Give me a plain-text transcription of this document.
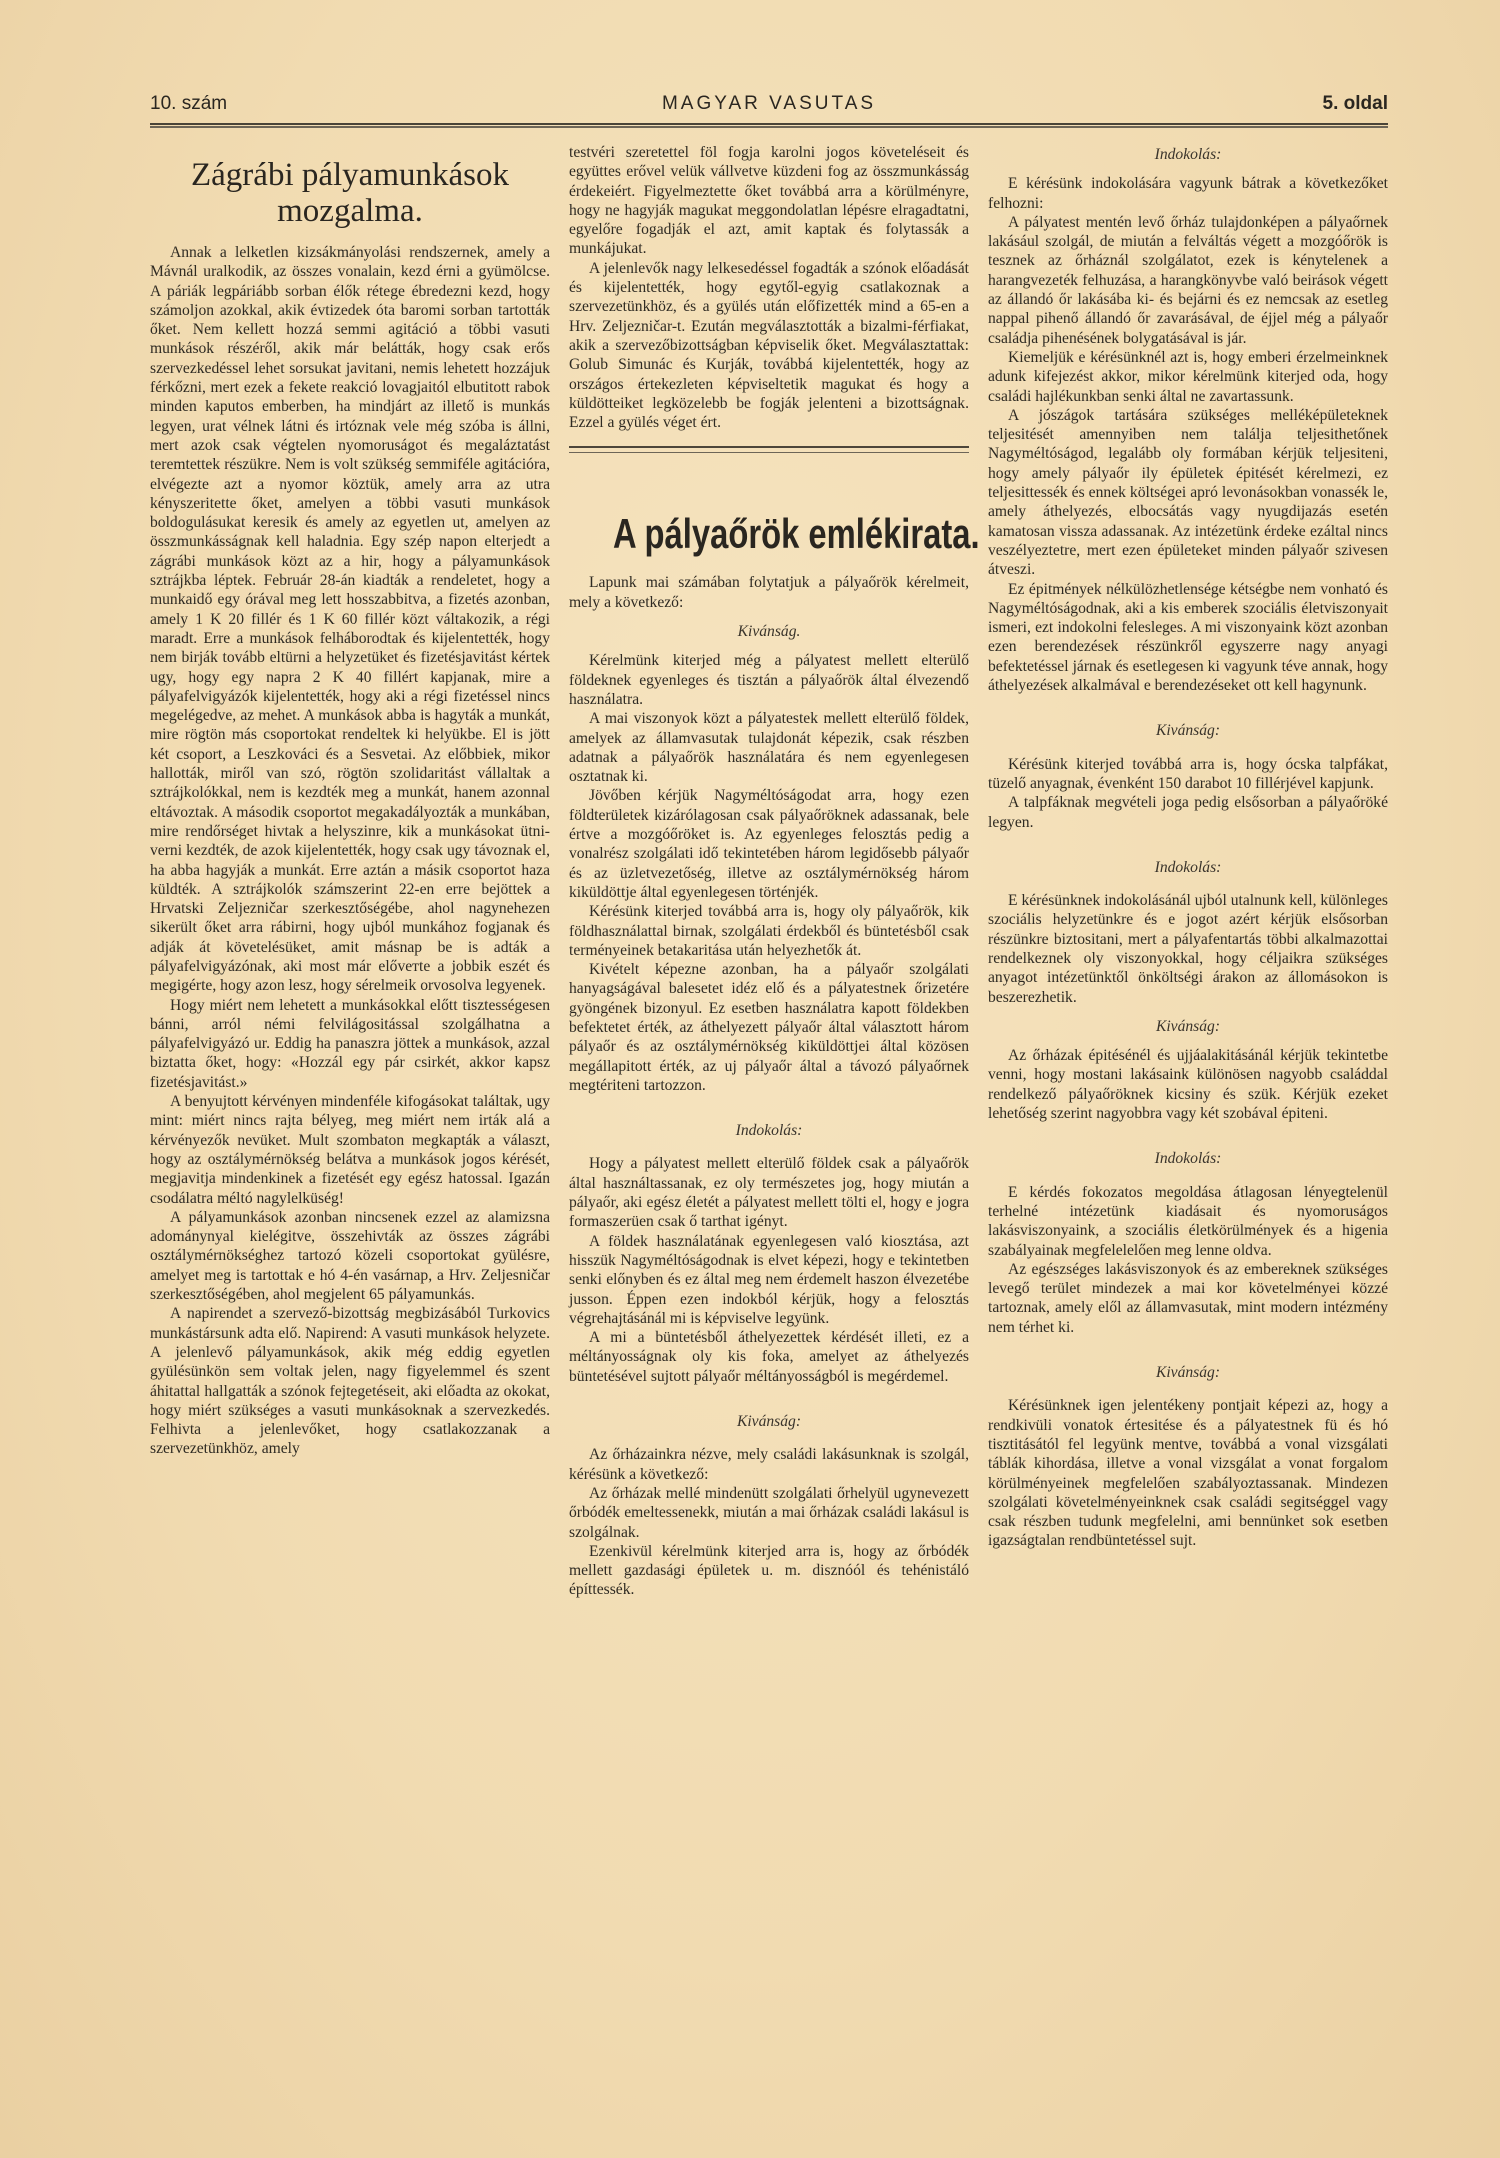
10. szám	MAGYAR VASUTAS	5. oldal
Zágrábi pályamunkások
mozgalma.

Annak a lelketlen kizsákmányolási rendszernek, amely a Mávnál uralkodik, az összes vonalain, kezd érni a gyümölcse. A páriák legpáriább sorban élők rétege ébredezni kezd, hogy számoljon azokkal, akik évtizedek óta baromi sorban tartották őket. Nem kellett hozzá semmi agitáció a többi vasuti munkások részéről, akik már belátták, hogy csak erős szervezkedéssel lehet sorsukat javitani, nemis lehetett hozzájuk férkőzni, mert ezek a fekete reakció lovagjaitól elbutitott rabok minden kaputos emberben, ha mindjárt az illető is munkás legyen, urat vélnek látni és irtóznak vele még szóba is állni, mert azok csak végtelen nyomoruságot és megaláztatást teremtettek részükre. Nem is volt szükség semmiféle agitációra, elvégezte azt a nyomor köztük, amely arra az utra kényszeritette őket, amelyen a többi vasuti munkások boldogulásukat keresik és amely az egyetlen ut, amelyen az összmunkásságnak kell haladnia. Egy szép napon elterjedt a zágrábi munkások közt az a hir, hogy a pályamunkások sztrájkba léptek. Február 28-án kiadták a rendeletet, hogy a munkaidő egy órával meg lett hosszabbitva, a fizetés azonban, amely 1 K 20 fillér és 1 K 60 fillér közt váltakozik, a régi maradt. Erre a munkások felháborodtak és kijelentették, hogy nem birják tovább eltürni a helyzetüket és fizetésjavitást kértek ugy, hogy egy napra 2 K 40 fillért kapjanak, mire a pályafelvigyázók kijelentették, hogy aki a régi fizetéssel nincs megelégedve, az mehet. A munkások abba is hagyták a munkát, mire rögtön más csoportokat rendeltek ki helyükbe. El is jött két csoport, a Leszkováci és a Sesvetai. Az előbbiek, mikor hallották, miről van szó, rögtön szolidaritást vállaltak a sztrájkolókkal, nem is kezdték meg a munkát, hanem azonnal eltávoztak. A második csoportot megakadályozták a munkában, mire rendőrséget hivtak a helyszinre, kik a munkásokat ütni-verni kezdték, de azok kijelentették, hogy csak ugy távoznak el, ha abba hagyják a munkát. Erre aztán a másik csoportot haza küldték. A sztrájkolók számszerint 22-en erre bejöttek a Hrvatski Zeljezničar szerkesztőségébe, ahol nagynehezen sikerült őket arra rábirni, hogy ujból munkához fogjanak és adják át követelésüket, amit másnap be is adták a pályafelvigyázónak, aki most már előveтte a jobbik eszét és megigérte, hogy azon lesz, hogy sérelmeik orvosolva legyenek.

Hogy miért nem lehetett a munkásokkal előtt tisztességesen bánni, arról némi felvilágositással szolgálhatna a pályafelvigyázó ur. Eddig ha panaszra jöttek a munkások, azzal biztatta őket, hogy: «Hozzál egy pár csirkét, akkor kapsz fizetésjavitást.»

A benyujtott kérvényen mindenféle kifogásokat találtak, ugy mint: miért nincs rajta bélyeg, meg miért nem irták alá a kérvényezők nevüket. Mult szombaton megkapták a választ, hogy az osztálymérnökség belátva a munkások jogos kérését, megjavitja mindenkinek a fizetését egy egész hatossal. Igazán csodálatra méltó nagylelküség!

A pályamunkások azonban nincsenek ezzel az alamizsna adománynyal kielégitve, összehivták az összes zágrábi osztálymérnökséghez tartozó közeli csoportokat gyülésre, amelyet meg is tartottak e hó 4-én vasárnap, a Hrv. Zeljesničar szerkesztőségében, ahol megjelent 65 pályamunkás.

A napirendet a szervező-bizottság megbizásából Turkovics munkástársunk adta elő. Napirend: A vasuti munkások helyzete. A jelenlevő pályamunkások, akik még eddig egyetlen gyülésünkön sem voltak jelen, nagy figyelemmel és szent áhitattal hallgatták a szónok fejtegetéseit, aki előadta az okokat, hogy miért szükséges a vasuti munkásoknak a szervezkedés. Felhivta a jelenlevőket, hogy csatlakozzanak a szervezetünkhöz, amely

testvéri szeretettel föl fogja karolni jogos követeléseit és együttes erővel velük vállvetve küzdeni fog az összmunkásság érdekeiért. Figyelmeztette őket továbbá arra a körülményre, hogy ne hagyják magukat meggondolatlan lépésre elragadtatni, egyelőre fogadják el azt, amit kaptak és folytassák a munkájukat.

A jelenlevők nagy lelkesedéssel fogadták a szónok előadását és kijelentették, hogy egytől-egyig csatlakoznak a szervezetünkhöz, és a gyülés után előfizették mind a 65-en a Hrv. Zeljezničar-t. Ezután megválasztották a bizalmi-férfiakat, akik a szervezőbizottságban képviselik őket. Megválasztattak: Golub Simunác és Kurják, továbbá kijelentették, hogy az országos értekezleten képviseltetik magukat és hogy a küldötteiket legközelebb be fogják jelenteni a bizottságnak. Ezzel a gyülés véget ért.

A pályaőrök emlékirata.

Lapunk mai számában folytatjuk a pályaőrök kérelmeit, mely a következő:

Kivánság.

Kérelmünk kiterjed még a pályatest mellett elterülő földeknek egyenleges és tisztán a pályaőrök által élvezendő használatra.

A mai viszonyok közt a pályatestek mellett elterülő földek, amelyek az államvasutak tulajdonát képezik, csak részben adatnak a pályaőrök használatára és nem egyenlegesen osztatnak ki.

Jövőben kérjük Nagyméltóságodat arra, hogy ezen földterületek kizárólagosan csak pályaőröknek adassanak, bele értve a mozgóőröket is. Az egyenleges felosztás pedig a vonalrész szolgálati idő tekintetében három legidősebb pályaőr és az üzletvezetőség, illetve az osztálymérnökség három kiküldöttje által egyenlegesen történjék.

Kérésünk kiterjed továbbá arra is, hogy oly pályaőrök, kik földhasználattal birnak, szolgálati érdekből és büntetésből csak terményeinek betakaritása után helyezhetők át.

Kivételt képezne azonban, ha a pályaőr szolgálati hanyagságával balesetet idéz elő és a pályatestnek őrizetére gyöngének bizonyul. Ez esetben használatra kapott földekben befektetet érték, az áthelyezett pályaőr által választott három pályaőr és az osztálymérnökség kiküldöttjei által közösen megállapitott érték, az uj pályaőr által a távozó pályaőrnek megtériteni tartozzon.

Indokolás:

Hogy a pályatest mellett elterülő földek csak a pályaőrök által használtassanak, ez oly természetes jog, hogy miután a pályaőr, aki egész életét a pályatest mellett tölti el, hogy e jogra formaszerüen csak ő tarthat igényt.

A földek használatának egyenlegesen való kiosztása, azt hisszük Nagyméltóságodnak is elvet képezi, hogy e tekintetben senki előnyben és ez által meg nem érdemelt haszon élvezetébe jusson. Éppen ezen indokból kérjük, hogy a felosztás végrehajtásánál mi is képviselve legyünk.

A mi a büntetésből áthelyezettek kérdését illeti, ez a méltányosságnak oly kis foka, amelyet az áthelyezés büntetésével sujtott pályaőr méltányosságból is megérdemel.

Kivánság:

Az őrházainkra nézve, mely családi lakásunknak is szolgál, kérésünk a következő:

Az őrházak mellé mindenütt szolgálati őrhelyül ugynevezett őrbódék emeltessenekk, miután a mai őrházak családi lakásul is szolgálnak.

Ezenkivül kérelmünk kiterjed arra is, hogy az őrbódék mellett gazdasági épületek u. m. disznóól és tehénistáló építtessék.

Indokolás:

E kérésünk indokolására vagyunk bátrak a következőket felhozni:

A pályatest mentén levő őrház tulajdonképen a pályaőrnek lakásául szolgál, de miután a felváltás végett a mozgóőrök is tesznek az őrháznál szolgálatot, ezek is kénytelenek a harangvezeték felhuzása, a harangkönyvbe való beirások végett az állandó őr lakásába ki- és bejárni és ez nemcsak az esetleg nappal pihenő állandó őr zavarásával, de éjjel még a pályaőr családja pihenésének bolygatásával is jár.

Kiemeljük e kérésünknél azt is, hogy emberi érzelmeinknek adunk kifejezést akkor, mikor kérelmünk kiterjed oda, hogy családi hajlékunkban senki által ne zavartassunk.

A jószágok tartására szükséges melléképületeknek teljesitését amennyiben nem találja teljesithetőnek Nagyméltóságod, legalább oly formában kérjük teljesiteni, hogy amely pályaőr ily épületek épitését kérelmezi, ez teljesittessék és ennek költségei apró levonásokban vonassék le, amely áthelyezés, elbocsátás vagy nyugdijazás esetén kamatosan vissza adassanak. Az intézetünk érdeke ezáltal nincs veszélyeztetre, mert ezen épületeket minden pályaőr szivesen átveszi.

Ez épitmények nélkülözhetlensége kétségbe nem vonható és Nagyméltóságodnak, aki a kis emberek szociális életviszonyait ismeri, ezt indokolni felesleges. A mi viszonyaink közt azonban ezen berendezések részünkről egyszerre nagy anyagi befektetéssel járnak és esetlegesen ki vagyunk téve annak, hogy áthelyezések alkalmával e berendezéseket ott kell hagynunk.

Kivánság:

Kérésünk kiterjed továbbá arra is, hogy ócska talpfákat, tüzelő anyagnak, évenként 150 darabot 10 fillérjével kapjunk.

A talpfáknak megvételi joga pedig elsősorban a pályaőröké legyen.

Indokolás:

E kérésünknek indokolásánál ujból utalnunk kell, különleges szociális helyzetünkre és e jogot azért kérjük elsősorban részünkre biztositani, mert a pályafentartás többi alkalmazottai rendelkeznek oly viszonyokkal, hogy céljaikra szükséges anyagot intézetünktől önköltségi árakon az állomásokon is beszerezhetik.

Kivánság:

Az őrházak épitésénél és ujjáalakitásánál kérjük tekintetbe venni, hogy mostani lakásaink különösen nagyobb családdal rendelkező pályaőröknek kicsiny és szük. Kérjük ezeket lehetőség szerint nagyobbra vagy két szobával épiteni.

Indokolás:

E kérdés fokozatos megoldása átlagosan lényegtelenül terhelné intézetünk kiadásait és nyomoruságos lakásviszonyaink, a szociális életkörülmények és a higenia szabályainak megfelelelően meg lenne oldva.

Az egészséges lakásviszonyok és az embereknek szükséges levegő terület mindezek a mai kor követelményei közzé tartoznak, amely elől az államvasutak, mint modern intézmény nem térhet ki.

Kivánság:

Kérésünknek igen jelentékeny pontjait képezi az, hogy a rendkivüli vonatok értesitése és a pályatestnek fü és hó tisztitásától fel legyünk mentve, továbbá a vonal vizsgálati táblák kihordása, illetve a vonal vizsgálat a vonat forgalom körülményeinek megfelelően szabályoztassanak. Mindezen szolgálati követelményeinknek csak családi segitséggel vagy csak részben tudunk megfelelni, ami bennünket sok esetben igazságtalan rendbüntetéssel sujt.
